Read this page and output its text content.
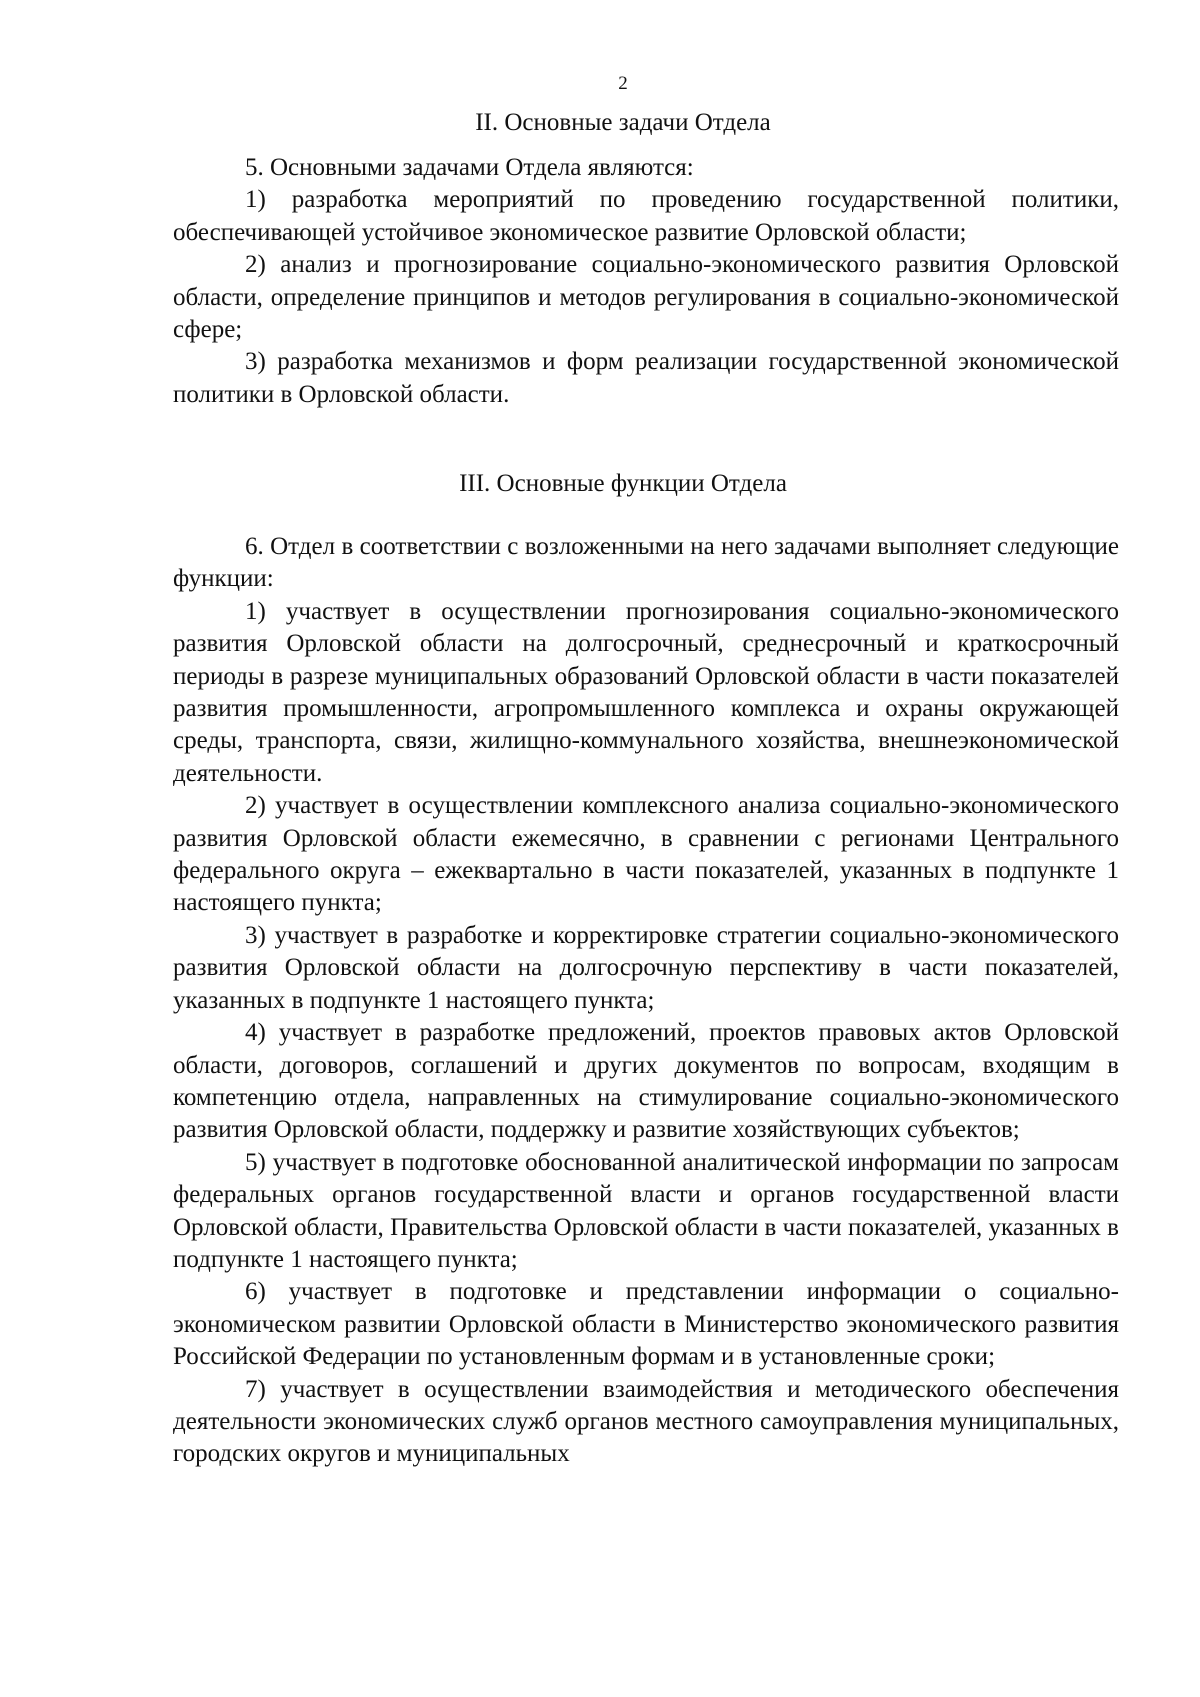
2
II. Основные задачи Отдела

5. Основными задачами Отдела являются:

1) разработка мероприятий по проведению государственной политики, обеспечивающей устойчивое экономическое развитие Орловской области;

2) анализ и прогнозирование социально-экономического развития Орловской области, определение принципов и методов регулирования в социально-экономической сфере;

3) разработка механизмов и форм реализации государственной экономической политики в Орловской области.

III. Основные функции Отдела

6. Отдел в соответствии с возложенными на него задачами выполняет следующие функции:

1) участвует в осуществлении прогнозирования социально-экономического развития Орловской области на долгосрочный, среднесрочный и краткосрочный периоды в разрезе муниципальных образований Орловской области в части показателей развития промышленности, агропромышленного комплекса и охраны окружающей среды, транспорта, связи, жилищно-коммунального хозяйства, внешнеэкономической деятельности.

2) участвует в осуществлении комплексного анализа социально-экономического развития Орловской области ежемесячно, в сравнении с регионами Центрального федерального округа – ежеквартально в части показателей, указанных в подпункте 1 настоящего пункта;

3) участвует в разработке и корректировке стратегии социально-экономического развития Орловской области на долгосрочную перспективу в части показателей, указанных в подпункте 1 настоящего пункта;

4) участвует в разработке предложений, проектов правовых актов Орловской области, договоров, соглашений и других документов по вопросам, входящим в компетенцию отдела, направленных на стимулирование социально-экономического развития Орловской области, поддержку и развитие хозяйствующих субъектов;

5) участвует в подготовке обоснованной аналитической информации по запросам федеральных органов государственной власти и органов государственной власти Орловской области, Правительства Орловской области в части показателей, указанных в подпункте 1 настоящего пункта;

6) участвует в подготовке и представлении информации о социально-экономическом развитии Орловской области в Министерство экономического развития Российской Федерации по установленным формам и в установленные сроки;

7) участвует в осуществлении взаимодействия и методического обеспечения деятельности экономических служб органов местного самоуправления муниципальных, городских округов и муниципальных
